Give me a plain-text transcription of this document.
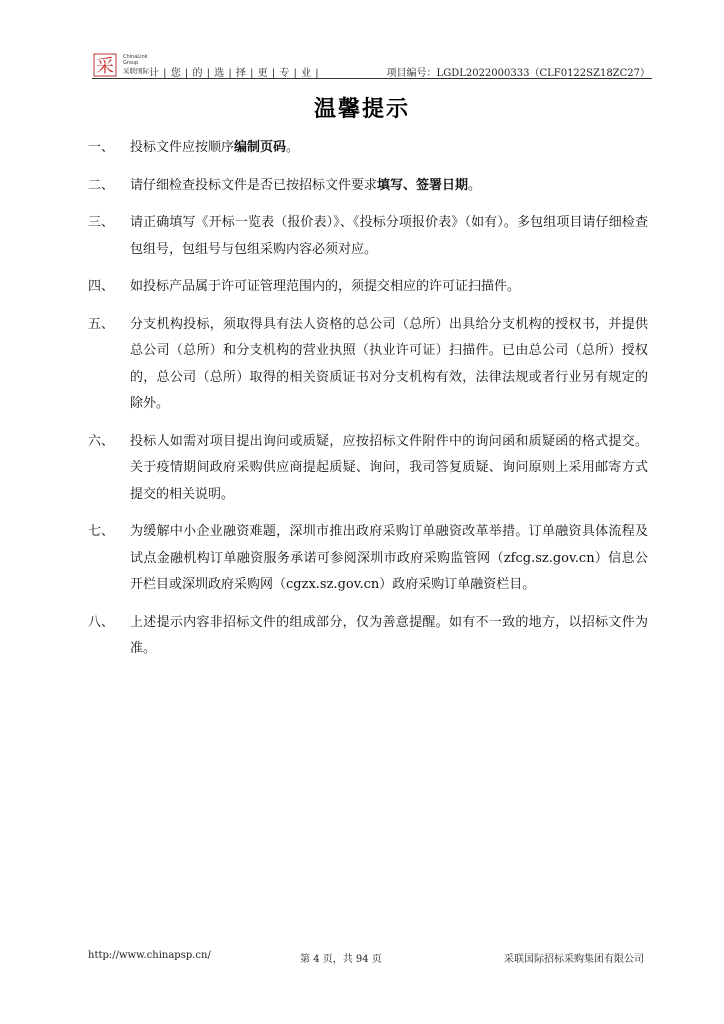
采 ChinaLink Group
采联国际 计 | 您 | 的 | 选 | 择 | 更 | 专 | 业 |	项目编号：LGDL2022000333（CLF0122SZ18ZC27）
温馨提示
一、	投标文件应按顺序编制页码。
二、	请仔细检查投标文件是否已按招标文件要求填写、签署日期。
三、	请正确填写《开标一览表（报价表）》、《投标分项报价表》（如有）。多包组项目请仔细检查包组号，包组号与包组采购内容必须对应。
四、	如投标产品属于许可证管理范围内的，须提交相应的许可证扫描件。
五、	分支机构投标，须取得具有法人资格的总公司（总所）出具给分支机构的授权书，并提供总公司（总所）和分支机构的营业执照（执业许可证）扫描件。已由总公司（总所）授权的，总公司（总所）取得的相关资质证书对分支机构有效，法律法规或者行业另有规定的除外。
六、	投标人如需对项目提出询问或质疑，应按招标文件附件中的询问函和质疑函的格式提交。关于疫情期间政府采购供应商提起质疑、询问，我司答复质疑、询问原则上采用邮寄方式提交的相关说明。
七、	为缓解中小企业融资难题，深圳市推出政府采购订单融资改革举措。订单融资具体流程及试点金融机构订单融资服务承诺可参阅深圳市政府采购监管网（zfcg.sz.gov.cn）信息公开栏目或深圳政府采购网（cgzx.sz.gov.cn）政府采购订单融资栏目。
八、	上述提示内容非招标文件的组成部分，仅为善意提醒。如有不一致的地方，以招标文件为准。
http://www.chinapsp.cn/	第 4 页，共 94 页	采联国际招标采购集团有限公司
